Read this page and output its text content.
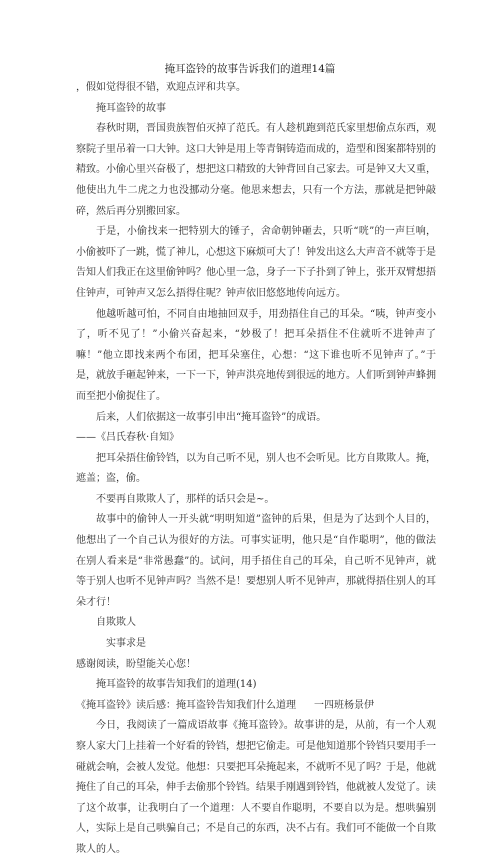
掩耳盗铃的故事告诉我们的道理14篇

，假如觉得很不错，欢迎点评和共享。

掩耳盗铃的故事

春秋时期，晋国贵族智伯灭掉了范氏。有人趁机跑到范氏家里想偷点东西，观察院子里吊着一口大钟。这口大钟是用上等青铜铸造而成的，造型和图案都特别的精致。小偷心里兴奋极了，想把这口精致的大钟背回自己家去。可是钟又大又重，他使出九牛二虎之力也没挪动分毫。他思来想去，只有一个方法，那就是把钟敲碎，然后再分别搬回家。

于是，小偷找来一把特别大的锤子，舍命朝钟砸去，只听“咣”的一声巨响，小偷被吓了一跳，慌了神儿，心想这下麻烦可大了！钟发出这么大声音不就等于是告知人们我正在这里偷钟吗？他心里一急，身子一下子扑到了钟上，张开双臂想捂住钟声，可钟声又怎么捂得住呢？钟声依旧悠悠地传向远方。

他越听越可怕，不同自由地抽回双手，用劲捂住自己的耳朵。“咦，钟声变小了，听不见了！”小偷兴奋起来，“妙极了！把耳朵捂住不住就听不进钟声了嘛！”他立即找来两个布团，把耳朵塞住，心想：“这下谁也听不见钟声了。”于是，就放手砸起钟来，一下一下，钟声洪亮地传到很远的地方。人们听到钟声蜂拥而至把小偷捉住了。

后来，人们依据这一故事引申出“掩耳盗铃”的成语。

——《吕氏春秋·自知》

把耳朵捂住偷铃铛，以为自己听不见，别人也不会听见。比方自欺欺人。掩，遮盖；盗，偷。

不要再自欺欺人了，那样的话只会是~。

故事中的偷钟人一开头就“明明知道”盗钟的后果，但是为了达到个人目的，他想出了一个自己认为很好的方法。可事实证明，他只是“自作聪明”，他的做法在别人看来是“非常愚蠢”的。试问，用手捂住自己的耳朵，自己听不见钟声，就等于别人也听不见钟声吗？当然不是！要想别人听不见钟声，那就得捂住别人的耳朵才行！

自欺欺人

实事求是

感谢阅读，盼望能关心您！

掩耳盗铃的故事告知我们的道理(14)

《掩耳盗铃》读后感：掩耳盗铃告知我们什么道理 一四班杨景伊

今日，我阅读了一篇成语故事《掩耳盗铃》。故事讲的是，从前，有一个人观察人家大门上挂着一个好看的铃铛，想把它偷走。可是他知道那个铃铛只要用手一碰就会响，会被人发觉。他想：只要把耳朵掩起来，不就听不见了吗？于是，他就掩住了自己的耳朵，伸手去偷那个铃铛。结果手刚遇到铃铛，他就被人发觉了。读了这个故事，让我明白了一个道理：人不要自作聪明，不要自以为是。想哄骗别人，实际上是自己哄骗自己；不是自己的东西，决不占有。我们可不能做一个自欺欺人的人。
